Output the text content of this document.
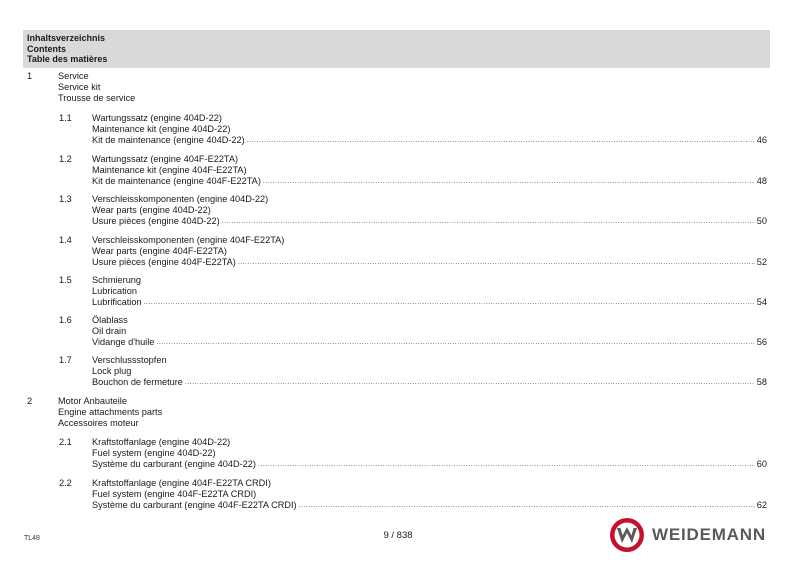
Inhaltsverzeichnis
Contents
Table des matières
1	Service
Service kit
Trousse de service
1.1	Wartungssatz (engine 404D-22)
Maintenance kit (engine 404D-22)
Kit de maintenance (engine 404D-22) .....	46
1.2	Wartungssatz (engine 404F-E22TA)
Maintenance kit (engine 404F-E22TA)
Kit de maintenance (engine 404F-E22TA) .....	48
1.3	Verschleisskomponenten (engine 404D-22)
Wear parts (engine 404D-22)
Usure pièces (engine 404D-22) .....	50
1.4	Verschleisskomponenten (engine 404F-E22TA)
Wear parts (engine 404F-E22TA)
Usure pièces (engine 404F-E22TA) .....	52
1.5	Schmierung
Lubrication
Lubrification .....	54
1.6	Ölablass
Oil drain
Vidange d'huile .....	56
1.7	Verschlussstopfen
Lock plug
Bouchon de fermeture .....	58
2	Motor Anbauteile
Engine attachments parts
Accessoires moteur
2.1	Kraftstoffanlage (engine 404D-22)
Fuel system (engine 404D-22)
Système du carburant (engine 404D-22) .....	60
2.2	Kraftstoffanlage (engine 404F-E22TA CRDI)
Fuel system (engine 404F-E22TA CRDI)
Système du carburant (engine 404F-E22TA CRDI) .....	62
TL48	9 / 838	WEIDEMANN
